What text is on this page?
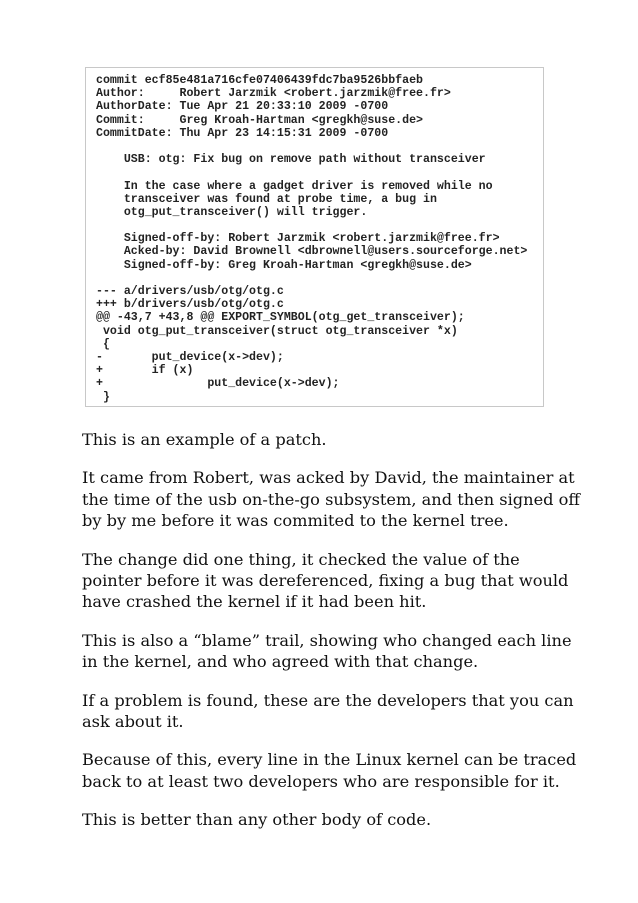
commit ecf85e481a716cfe07406439fdc7ba9526bbfaeb
Author:     Robert Jarzmik <robert.jarzmik@free.fr>
AuthorDate: Tue Apr 21 20:33:10 2009 -0700
Commit:     Greg Kroah-Hartman <gregkh@suse.de>
CommitDate: Thu Apr 23 14:15:31 2009 -0700
USB: otg: Fix bug on remove path without transceiver
In the case where a gadget driver is removed while no
transceiver was found at probe time, a bug in
otg_put_transceiver() will trigger.
Signed-off-by: Robert Jarzmik <robert.jarzmik@free.fr>
Acked-by: David Brownell <dbrownell@users.sourceforge.net>
Signed-off-by: Greg Kroah-Hartman <gregkh@suse.de>
--- a/drivers/usb/otg/otg.c
+++ b/drivers/usb/otg/otg.c
@@ -43,7 +43,8 @@ EXPORT_SYMBOL(otg_get_transceiver);
void otg_put_transceiver(struct otg_transceiver *x)
{
-       put_device(x->dev);
+       if (x)
+               put_device(x->dev);
}

This is an example of a patch.

It came from Robert, was acked by David, the maintainer at the time of the usb on-the-go subsystem, and then signed off by by me before it was commited to the kernel tree.

The change did one thing, it checked the value of the pointer before it was dereferenced, fixing a bug that would have crashed the kernel if it had been hit.

This is also a “blame” trail, showing who changed each line in the kernel, and who agreed with that change.

If a problem is found, these are the developers that you can ask about it.

Because of this, every line in the Linux kernel can be traced back to at least two developers who are responsible for it.

This is better than any other body of code.
